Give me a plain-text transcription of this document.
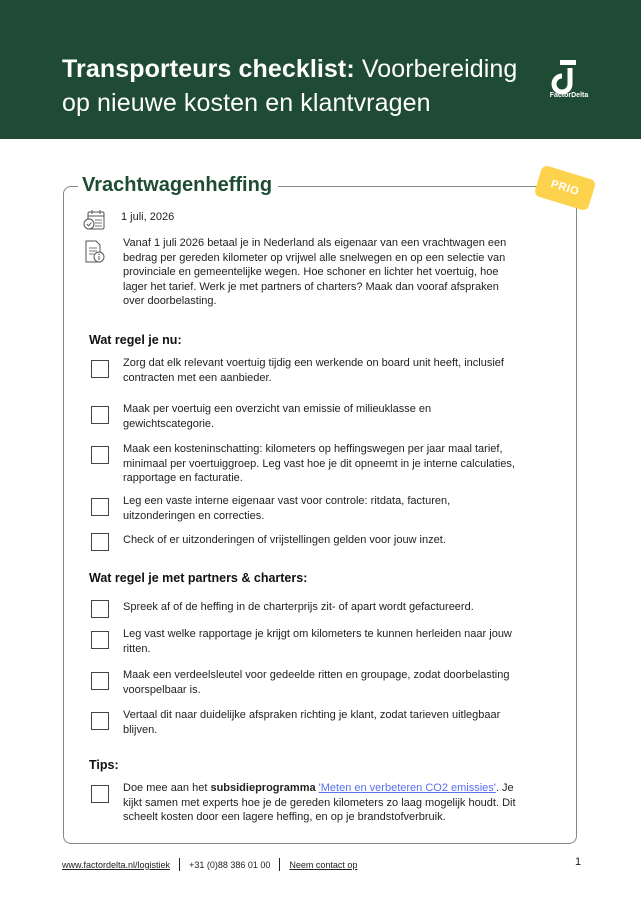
Transporteurs checklist: Voorbereiding op nieuwe kosten en klantvragen	FactorDelta
Vrachtwagenheffing	PRIO
1 juli, 2026
Vanaf 1 juli 2026 betaal je in Nederland als eigenaar van een vrachtwagen een bedrag per gereden kilometer op vrijwel alle snelwegen en op een selectie van provinciale en gemeentelijke wegen. Hoe schoner en lichter het voertuig, hoe lager het tarief. Werk je met partners of charters? Maak dan vooraf afspraken over doorbelasting.
Wat regel je nu:
Zorg dat elk relevant voertuig tijdig een werkende on board unit heeft, inclusief contracten met een aanbieder.
Maak per voertuig een overzicht van emissie of milieuklasse en gewichtscategorie.
Maak een kosteninschatting: kilometers op heffingswegen per jaar maal tarief, minimaal per voertuiggroep. Leg vast hoe je dit opneemt in je interne calculaties, rapportage en facturatie.
Leg een vaste interne eigenaar vast voor controle: ritdata, facturen, uitzonderingen en correcties.
Check of er uitzonderingen of vrijstellingen gelden voor jouw inzet.
Wat regel je met partners & charters:
Spreek af of de heffing in de charterprijs zit- of apart wordt gefactureerd.
Leg vast welke rapportage je krijgt om kilometers te kunnen herleiden naar jouw ritten.
Maak een verdeelsleutel voor gedeelde ritten en groupage, zodat doorbelasting voorspelbaar is.
Vertaal dit naar duidelijke afspraken richting je klant, zodat tarieven uitlegbaar blijven.
Tips:
Doe mee aan het subsidieprogramma 'Meten en verbeteren CO2 emissies'. Je kijkt samen met experts hoe je de gereden kilometers zo laag mogelijk houdt. Dit scheelt kosten door een lagere heffing, en op je brandstofverbruik.
www.factordelta.nl/logistiek +31 (0)88 386 01 00 Neem contact op	1
